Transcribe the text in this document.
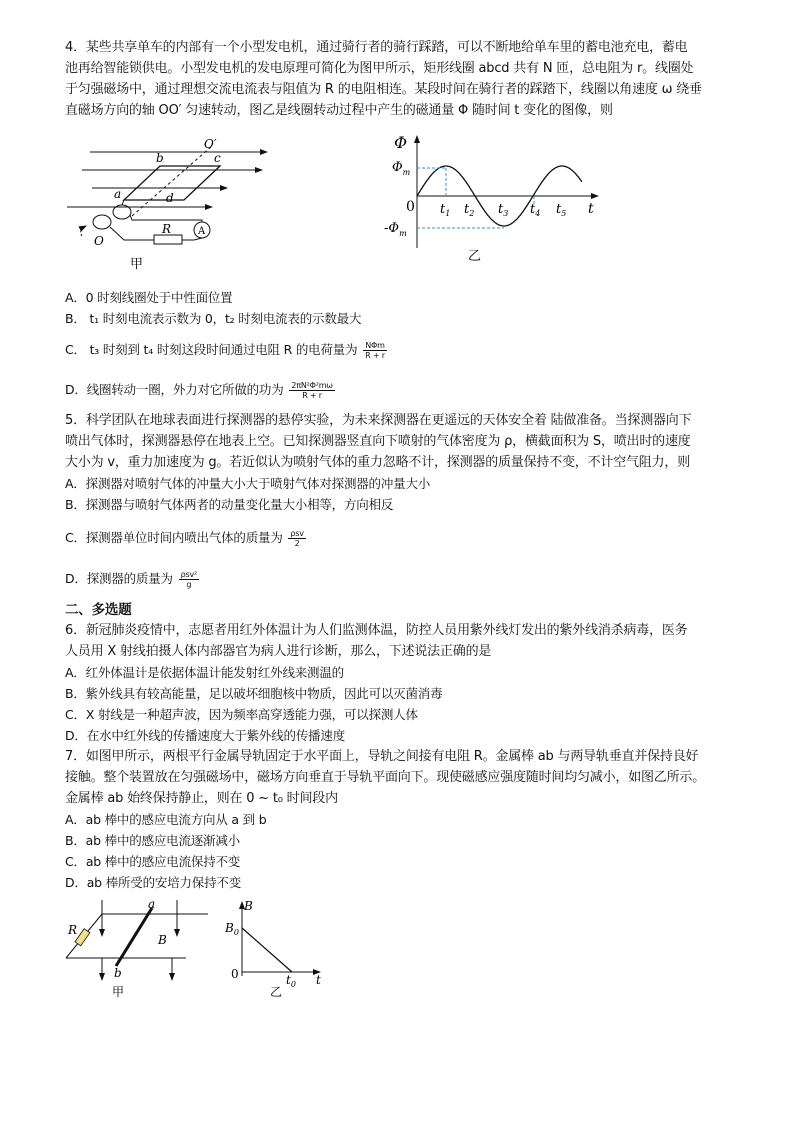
4．某些共享单车的内部有一个小型发电机，通过骑行者的骑行踩踏，可以不断地给单车里的蓄电池充电，蓄电
池再给智能锁供电。小型发电机的发电原理可简化为图甲所示，矩形线圈 abcd 共有 N 匝，总电阻为 r。线圈处
于匀强磁场中，通过理想交流电流表与阻值为 R 的电阻相连。某段时间在骑行者的踩踏下，线圈以角速度 ω 绕垂
直磁场方向的轴 OO′ 匀速转动，图乙是线圈转动过程中产生的磁通量 Φ 随时间 t 变化的图像，则
O′
b	c
a	d
O
R	A
甲
Φ
$\Phi_m$
0
$-\Phi_m$
$t_1$ $t_2$ $t_3$ $t_4$ $t_5$ t
乙
A．0 时刻线圈处于中性面位置
B． t₁ 时刻电流表示数为 0，t₂ 时刻电流表的示数最大
C． t₃ 时刻到 t₄ 时刻这段时间通过电阻 R 的电荷量为 $\frac{\text{NΦm}}{R + r}$
D．线圈转动一圈，外力对它所做的功为 $\frac{\text{2πN²Φ²mω}}{R + r}$
5．科学团队在地球表面进行探测器的悬停实验，为未来探测器在更遥远的天体安全着 陆做准备。当探测器向下
喷出气体时，探测器悬停在地表上空。已知探测器竖直向下喷射的气体密度为 ρ，横截面积为 S，喷出时的速度
大小为 v，重力加速度为 g。若近似认为喷射气体的重力忽略不计，探测器的质量保持不变，不计空气阻力，则
A．探测器对喷射气体的冲量大小大于喷射气体对探测器的冲量大小
B．探测器与喷射气体两者的动量变化量大小相等，方向相反
C．探测器单位时间内喷出气体的质量为 $\frac{\text{ρsv}}{2}$
D．探测器的质量为 $\frac{\text{ρsv²}}{g}$
二、多选题
6．新冠肺炎疫情中，志愿者用红外体温计为人们监测体温，防控人员用紫外线灯发出的紫外线消杀病毒，医务
人员用 X 射线拍摄人体内部器官为病人进行诊断，那么，下述说法正确的是
A．红外体温计是依据体温计能发射红外线来测温的
B．紫外线具有较高能量，足以破坏细胞核中物质，因此可以灭菌消毒
C．X 射线是一种超声波，因为频率高穿透能力强，可以探测人体
D．在水中红外线的传播速度大于紫外线的传播速度
7．如图甲所示，两根平行金属导轨固定于水平面上，导轨之间接有电阻 R。金属棒 ab 与两导轨垂直并保持良好
接触。整个装置放在匀强磁场中，磁场方向垂直于导轨平面向下。现使磁感应强度随时间均匀减小，如图乙所示。
金属棒 ab 始终保持静止，则在 0 ~ t₀ 时间段内
A．ab 棒中的感应电流方向从 a 到 b
B．ab 棒中的感应电流逐渐减小
C．ab 棒中的感应电流保持不变
D．ab 棒所受的安培力保持不变
a
b
R
B
甲
B
$B_0$
0	$t_0$ t
乙
